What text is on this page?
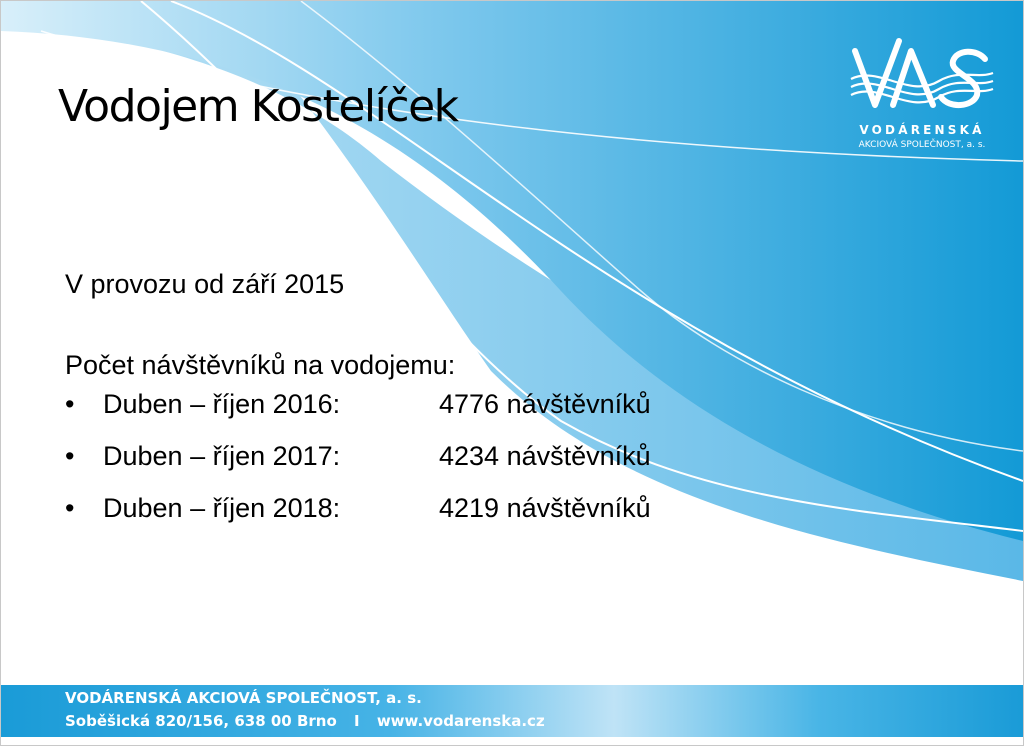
Vodojem Kostelíček	VODÁRENSKÁ
AKCIOVÁ SPOLEČNOST, a. s.

V provozu od září 2015

Počet návštěvníků na vodojemu:

•	Duben – říjen 2016:	4776 návštěvníků
•	Duben – říjen 2017:	4234 návštěvníků
•	Duben – říjen 2018:	4219 návštěvníků
VODÁRENSKÁ AKCIOVÁ SPOLEČNOST, a. s.
Soběšická 820/156, 638 00 Brno I www.vodarenska.cz
